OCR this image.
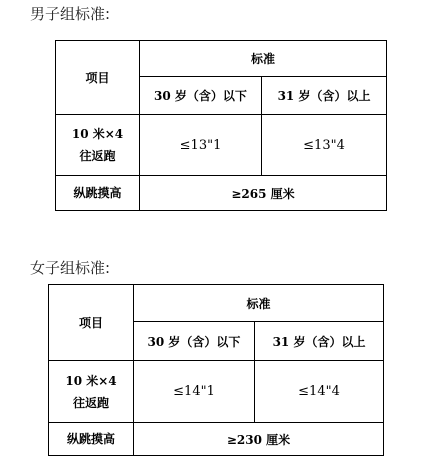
男子组标准:
项目	标准	
	30 岁（含）以下	31 岁（含）以上

10 米×4
往返跑	≤13"1	≤13"4
纵跳摸高	≥265 厘米	
女子组标准:
项目	标准	
	30 岁（含）以下	31 岁（含）以上

10 米×4
往返跑	≤14"1	≤14"4
纵跳摸高	≥230 厘米	
